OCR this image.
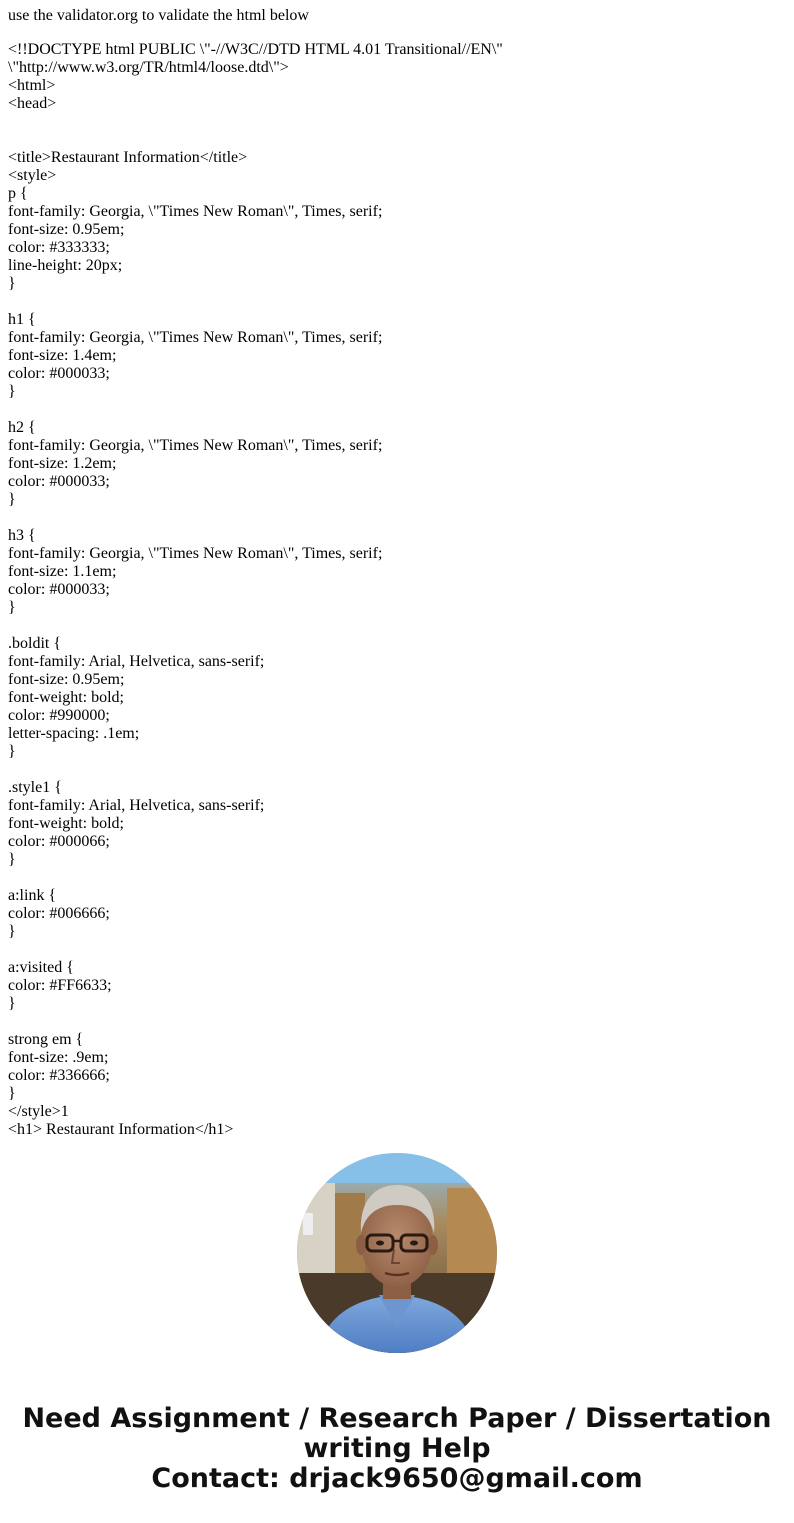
use the validator.org to validate the html below

<!!DOCTYPE html PUBLIC \"-//W3C//DTD HTML 4.01 Transitional//EN\"
\"http://www.w3.org/TR/html4/loose.dtd\">
<html>
<head>
<title>Restaurant Information</title>
<style>
p {
font-family: Georgia, \"Times New Roman\", Times, serif;
font-size: 0.95em;
color: #333333;
line-height: 20px;
}
h1 {
font-family: Georgia, \"Times New Roman\", Times, serif;
font-size: 1.4em;
color: #000033;
}
h2 {
font-family: Georgia, \"Times New Roman\", Times, serif;
font-size: 1.2em;
color: #000033;
}
h3 {
font-family: Georgia, \"Times New Roman\", Times, serif;
font-size: 1.1em;
color: #000033;
}
.boldit {
font-family: Arial, Helvetica, sans-serif;
font-size: 0.95em;
font-weight: bold;
color: #990000;
letter-spacing: .1em;
}
.style1 {
font-family: Arial, Helvetica, sans-serif;
font-weight: bold;
color: #000066;
}
a:link {
color: #006666;
}
a:visited {
color: #FF6633;
}
strong em {
font-size: .9em;
color: #336666;
}
</style>1
<h1> Restaurant Information</h1>
Need Assignment / Research Paper / Dissertation
writing Help
Contact: drjack9650@gmail.com
